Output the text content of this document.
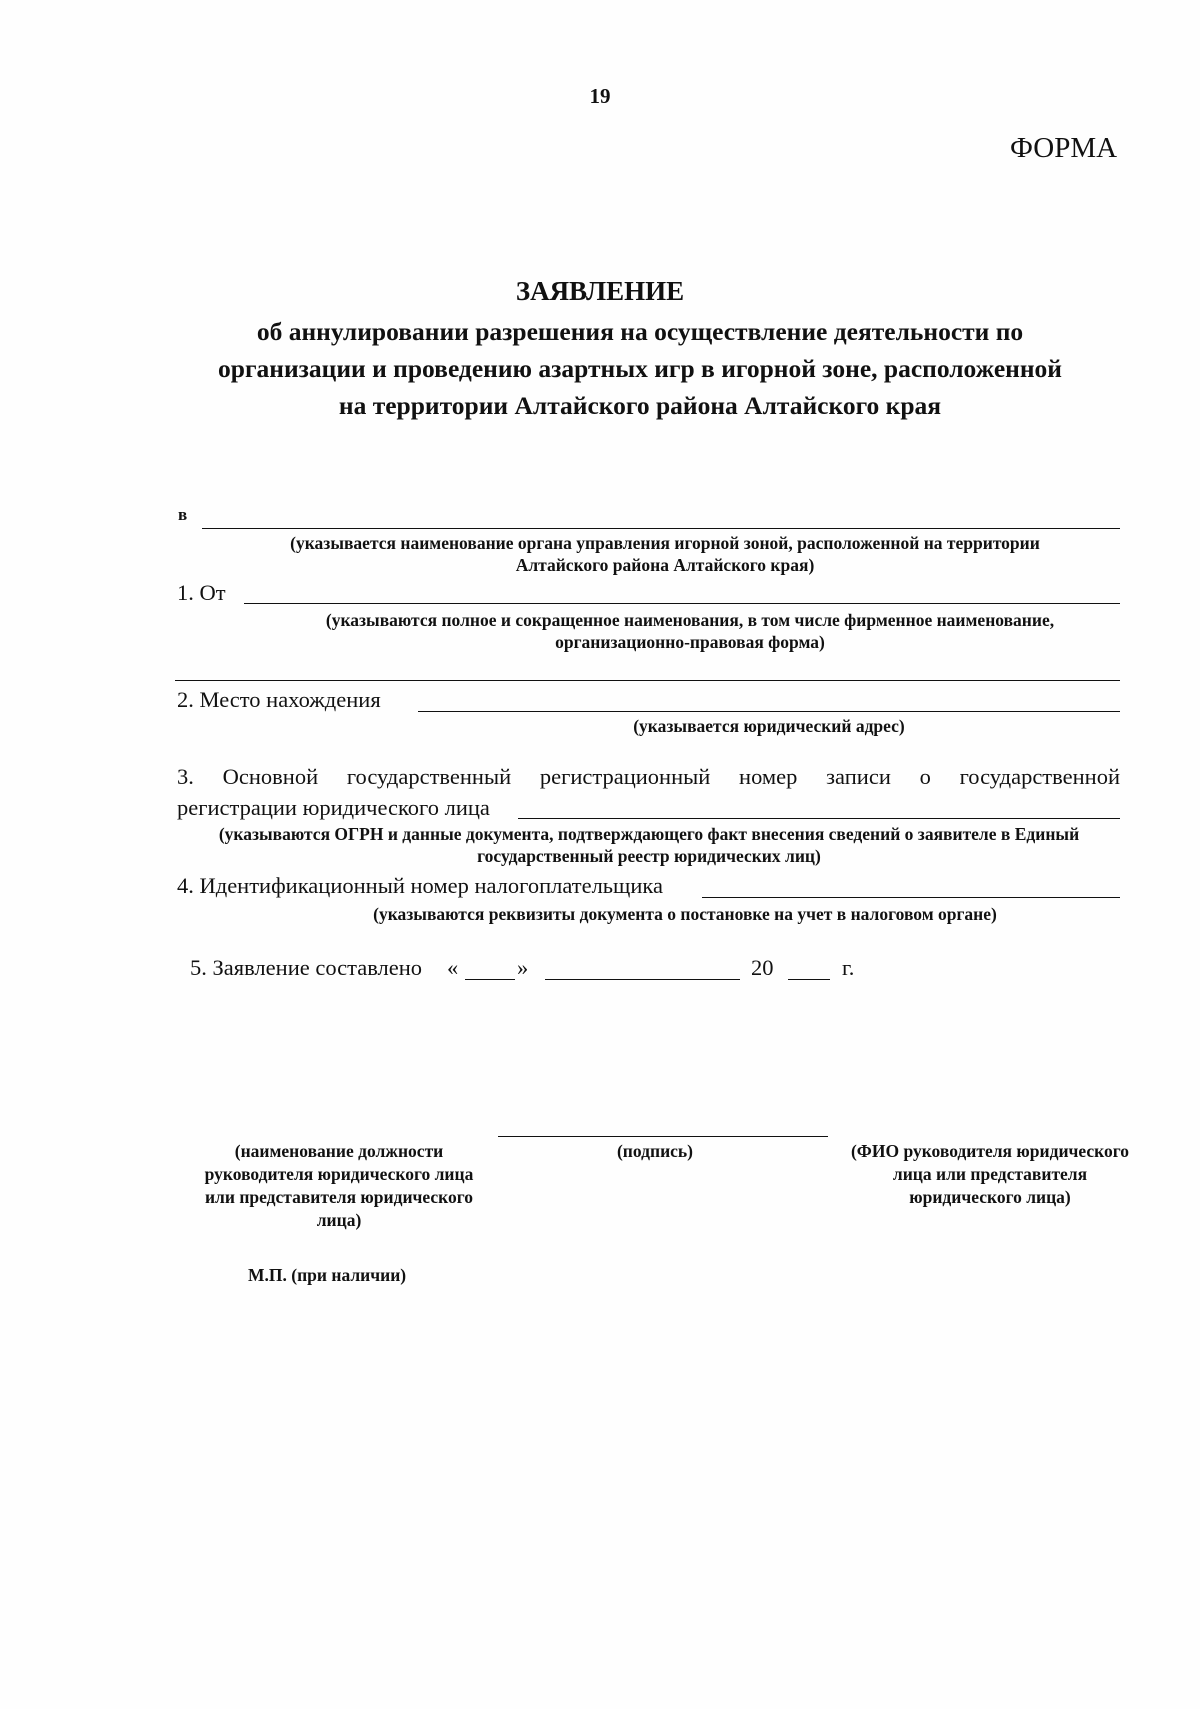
19
ФОРМА
ЗАЯВЛЕНИЕ
об аннулировании разрешения на осуществление деятельности по
организации и проведению азартных игр в игорной зоне, расположенной
на территории Алтайского района Алтайского края
в
(указывается наименование органа управления игорной зоной, расположенной на территории
Алтайского района Алтайского края)
1. От
(указываются полное и сокращенное наименования, в том числе фирменное наименование,
организационно-правовая форма)
2. Место нахождения
(указывается юридический адрес)
3. Основной государственный регистрационный номер записи о государственной
регистрации юридического лица
(указываются ОГРН и данные документа, подтверждающего факт внесения сведений о заявителе в Единый
государственный реестр юридических лиц)
4. Идентификационный номер налогоплательщика
(указываются реквизиты документа о постановке на учет в налоговом органе)
5. Заявление составлено «	»	20	г.
(наименование должности
руководителя юридического лица
или представителя юридического
лица)
(подпись)	(ФИО руководителя юридического
лица или представителя
юридического лица)
М.П. (при наличии)
